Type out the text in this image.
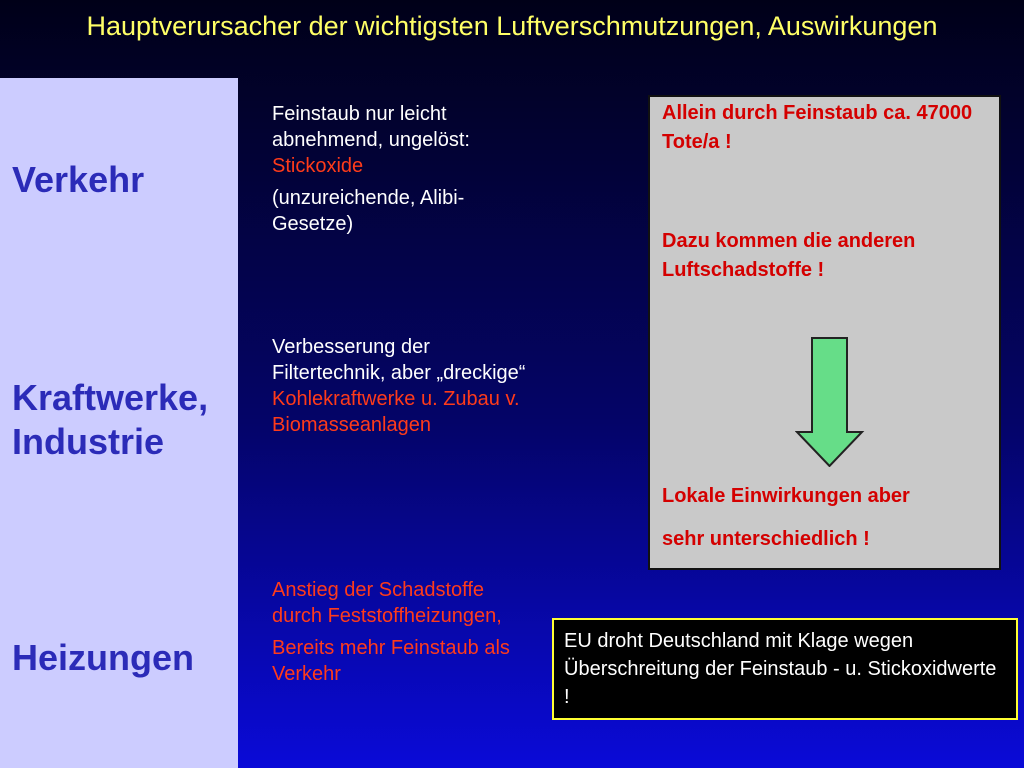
Hauptverursacher der wichtigsten Luftverschmutzungen, Auswirkungen
Verkehr
Kraftwerke,
Industrie
Heizungen

Feinstaub nur leicht abnehmend, ungelöst: Stickoxide

(unzureichende, Alibi-Gesetze)

Verbesserung der Filtertechnik, aber „dreckige“ Kohlekraftwerke u. Zubau v. Biomasseanlagen

Anstieg der Schadstoffe durch Feststoffheizungen,

Bereits mehr Feinstaub als Verkehr

Allein durch Feinstaub ca. 47000 Tote/a !
Dazu kommen die anderen Luftschadstoffe !
Lokale Einwirkungen aber
sehr unterschiedlich !
EU droht Deutschland mit Klage wegen Überschreitung der Feinstaub - u. Stickoxidwerte !
